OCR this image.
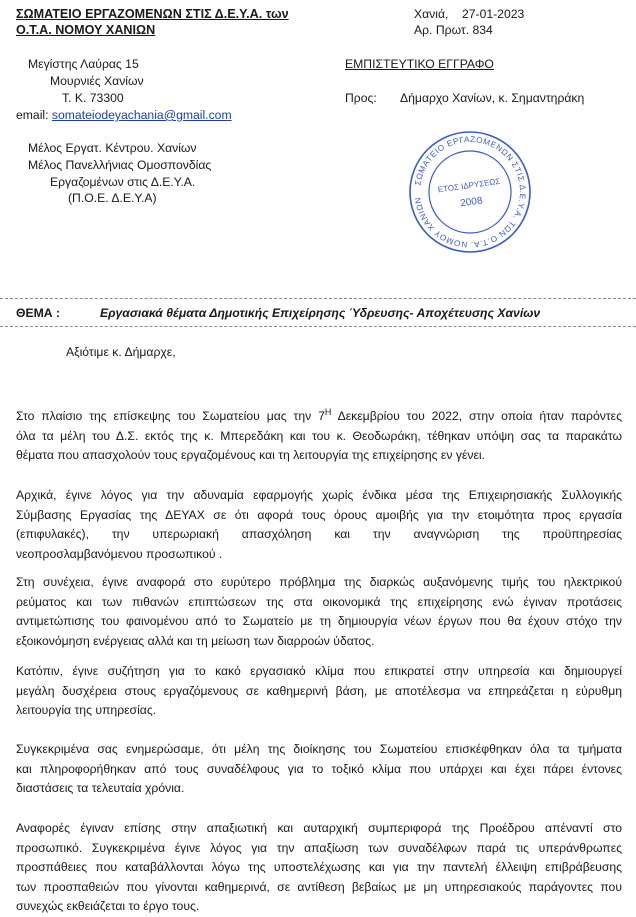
ΣΩΜΑΤΕΙΟ ΕΡΓΑΖΟΜΕΝΩΝ ΣΤΙΣ Δ.Ε.Υ.Α. των
Ο.Τ.Α. ΝΟΜΟΥ ΧΑΝΙΩΝ
Μεγίστης Λαύρας 15
Μουρνιές Χανίων
Τ. Κ. 73300
email: somateiodeyachania@gmail.com
Μέλος Εργατ. Κέντρου. Χανίων
Μέλος Πανελλήνιας Ομοσπονδίας
Εργαζομένων στις Δ.Ε.Υ.Α.
(Π.Ο.Ε. Δ.Ε.Υ.Α)
Χανιά,    27-01-2023
Αρ. Πρωτ. 834
ΕΜΠΙΣΤΕΥΤΙΚΟ ΕΓΓΡΑΦΟ
Προς: Δήμαρχο Χανίων, κ. Σημαντηράκη
ΣΩΜΑΤΕΙΟ ΕΡΓΑΖΟΜΕΝΩΝ ΣΤΙΣ Δ.Ε.Υ.Α. ΤΩΝ Ο.Τ.Α. ΝΟΜΟΥ ΧΑΝΙΩΝ
ΕΤΟΣ ΙΔΡΥΣΕΩΣ
2008
ΘΕΜΑ :	Εργασιακά θέματα Δημοτικής Επιχείρησης Ύδρευσης- Αποχέτευσης Χανίων
Αξιότιμε κ. Δήμαρχε,
Στο πλαίσιο της επίσκεψης του Σωματείου μας την $7^H$ Δεκεμβρίου του 2022, στην οποία ήταν παρόντες
όλα τα μέλη του Δ.Σ. εκτός της κ. Μπερεδάκη και του κ. Θεοδωράκη, τέθηκαν υπόψη σας τα παρακάτω
θέματα που απασχολούν τους εργαζομένους και τη λειτουργία της επιχείρησης εν γένει.
Αρχικά, έγινε λόγος για την αδυναμία εφαρμογής χωρίς ένδικα μέσα της Επιχειρησιακής Συλλογικής
Σύμβασης Εργασίας της ΔΕΥΑΧ σε ότι αφορά τους όρους αμοιβής για την ετοιμότητα προς εργασία
(επιφυλακές),    την    υπερωριακή    απασχόληση    και    την    αναγνώριση    της    προϋπηρεσίας
νεοπροσλαμβανόμενου προσωπικού .
Στη συνέχεια, έγινε αναφορά στο ευρύτερο πρόβλημα της διαρκώς αυξανόμενης τιμής του ηλεκτρικού
ρεύματος και των πιθανών επιπτώσεων της στα οικονομικά της επιχείρησης ενώ έγιναν προτάσεις
αντιμετώπισης του φαινομένου από το Σωματείο με τη δημιουργία νέων έργων που θα έχουν στόχο την
εξοικονόμηση ενέργειας αλλά και τη μείωση των διαρροών ύδατος.
Κατόπιν, έγινε συζήτηση για το κακό εργασιακό κλίμα που επικρατεί στην υπηρεσία και δημιουργεί
μεγάλη δυσχέρεια στους εργαζόμενους σε καθημερινή βάση, με αποτέλεσμα να επηρεάζεται η εύρυθμη
λειτουργία της υπηρεσίας.
Συγκεκριμένα σας ενημερώσαμε, ότι μέλη της διοίκησης του Σωματείου επισκέφθηκαν όλα τα τμήματα
και πληροφορήθηκαν από τους συναδέλφους για το τοξικό κλίμα που υπάρχει και έχει πάρει έντονες
διαστάσεις τα τελευταία χρόνια.
Αναφορές έγιναν επίσης στην απαξιωτική και αυταρχική συμπεριφορά της Προέδρου απέναντί στο
προσωπικό. Συγκεκριμένα έγινε λόγος για την απαξίωση των συναδέλφων παρά τις υπεράνθρωπες
προσπάθειες που καταβάλλονται λόγω της υποστελέχωσης και για την παντελή έλλειψη επιβράβευσης
των προσπαθειών που γίνονται καθημερινά, σε αντίθεση βεβαίως με μη υπηρεσιακούς παράγοντες που
συνεχώς εκθειάζεται το έργο τους.
